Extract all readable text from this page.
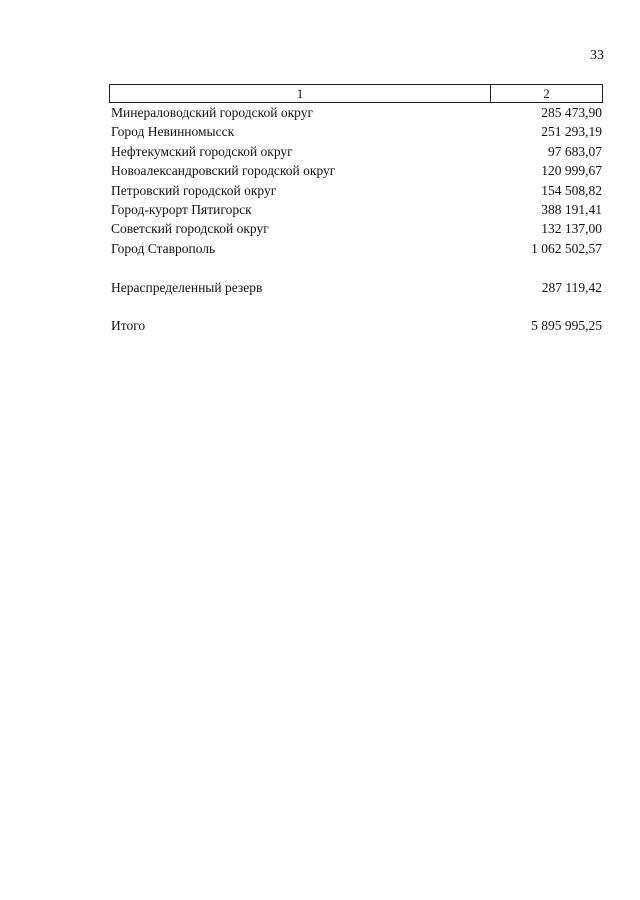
33
1	2
Минераловодский городской округ	285 473,90
Город Невинномысск	251 293,19
Нефтекумский городской округ	97 683,07
Новоалександровский городской округ	120 999,67
Петровский городской округ	154 508,82
Город-курорт Пятигорск	388 191,41
Советский городской округ	132 137,00
Город Ставрополь	1 062 502,57
Нераспределенный резерв	287 119,42
Итого	5 895 995,25
